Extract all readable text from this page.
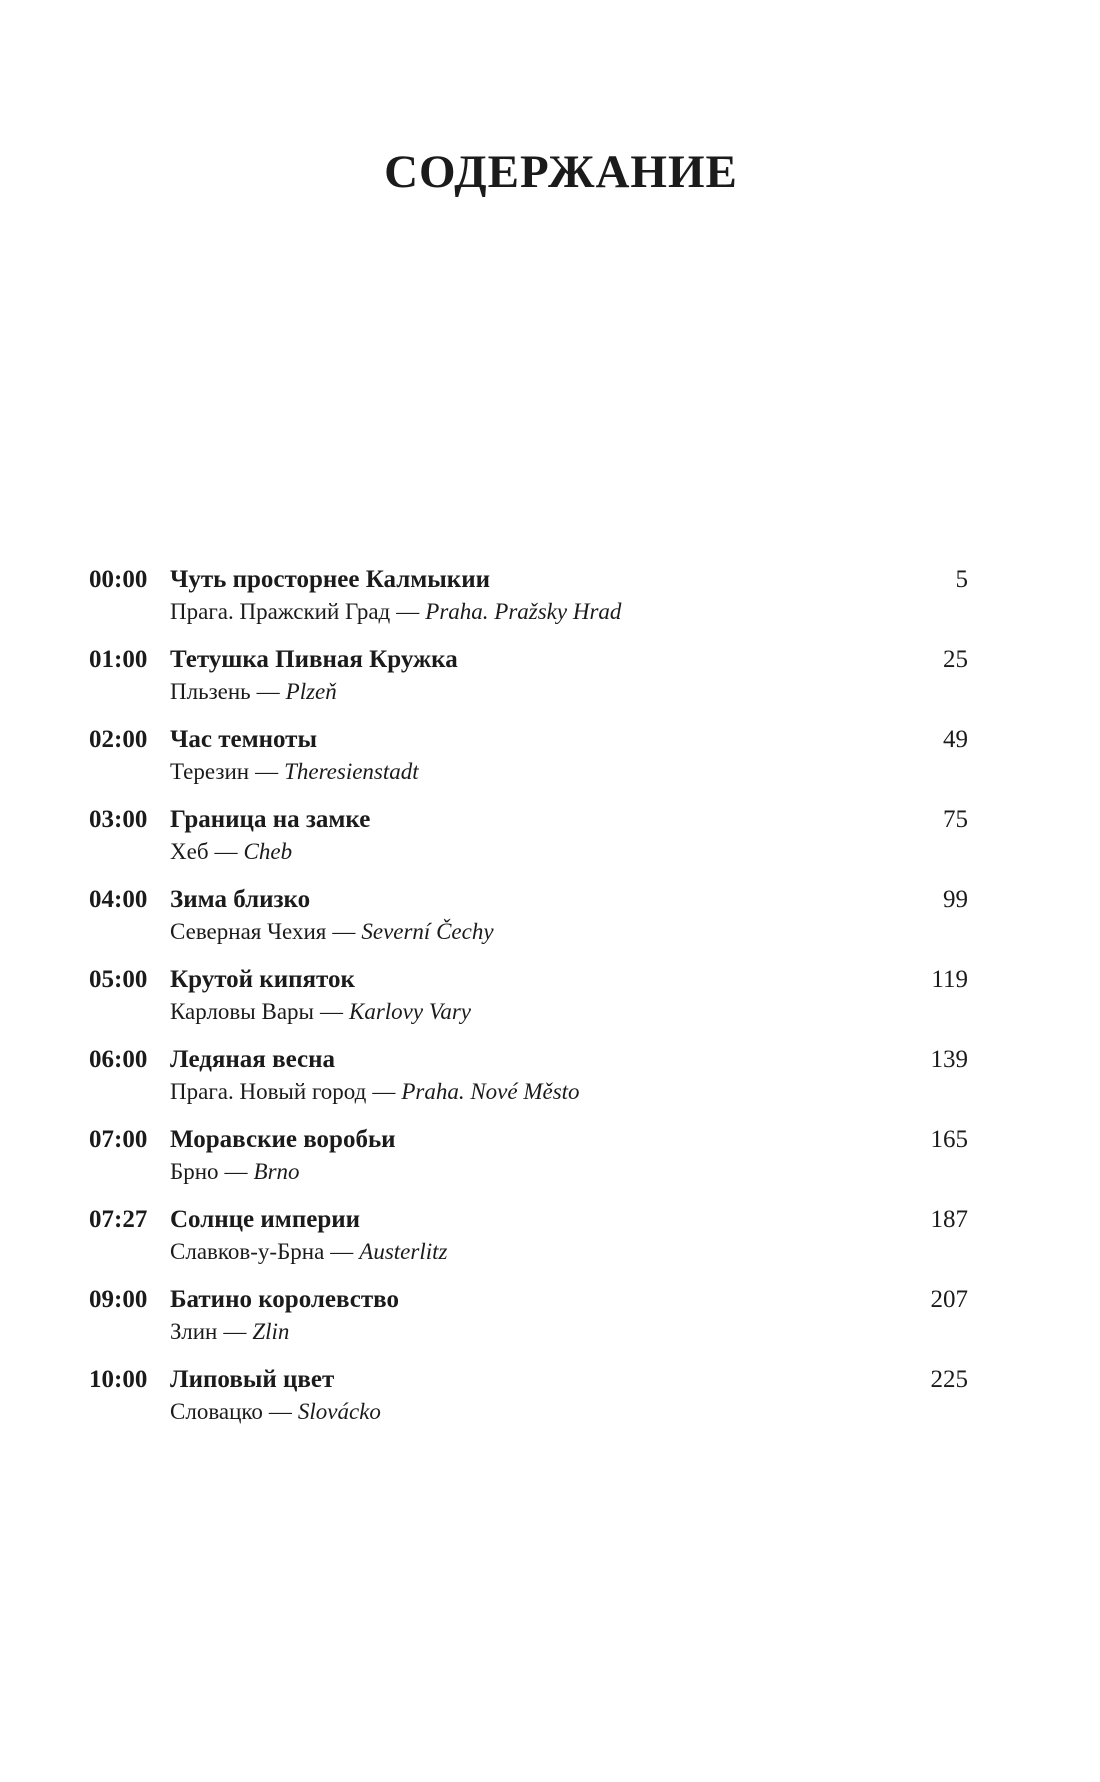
СОДЕРЖАНИЕ
00:00 Чуть просторнее Калмыкии	5
Прага. Пражский Град — Praha. Pražsky Hrad
01:00 Тетушка Пивная Кружка	25
Пльзень — Plzeň
02:00 Час темноты	49
Терезин — Theresienstadt
03:00 Граница на замке	75
Хеб — Cheb
04:00 Зима близко	99
Северная Чехия — Severní Čechy
05:00 Крутой кипяток	119
Карловы Вары — Karlovy Vary
06:00 Ледяная весна	139
Прага. Новый город — Praha. Nové Město
07:00 Моравские воробьи	165
Брно — Brno
07:27 Солнце империи	187
Славков-у-Брна — Austerlitz
09:00 Батино королевство	207
Злин — Zlin
10:00 Липовый цвет	225
Словацко — Slovácko
